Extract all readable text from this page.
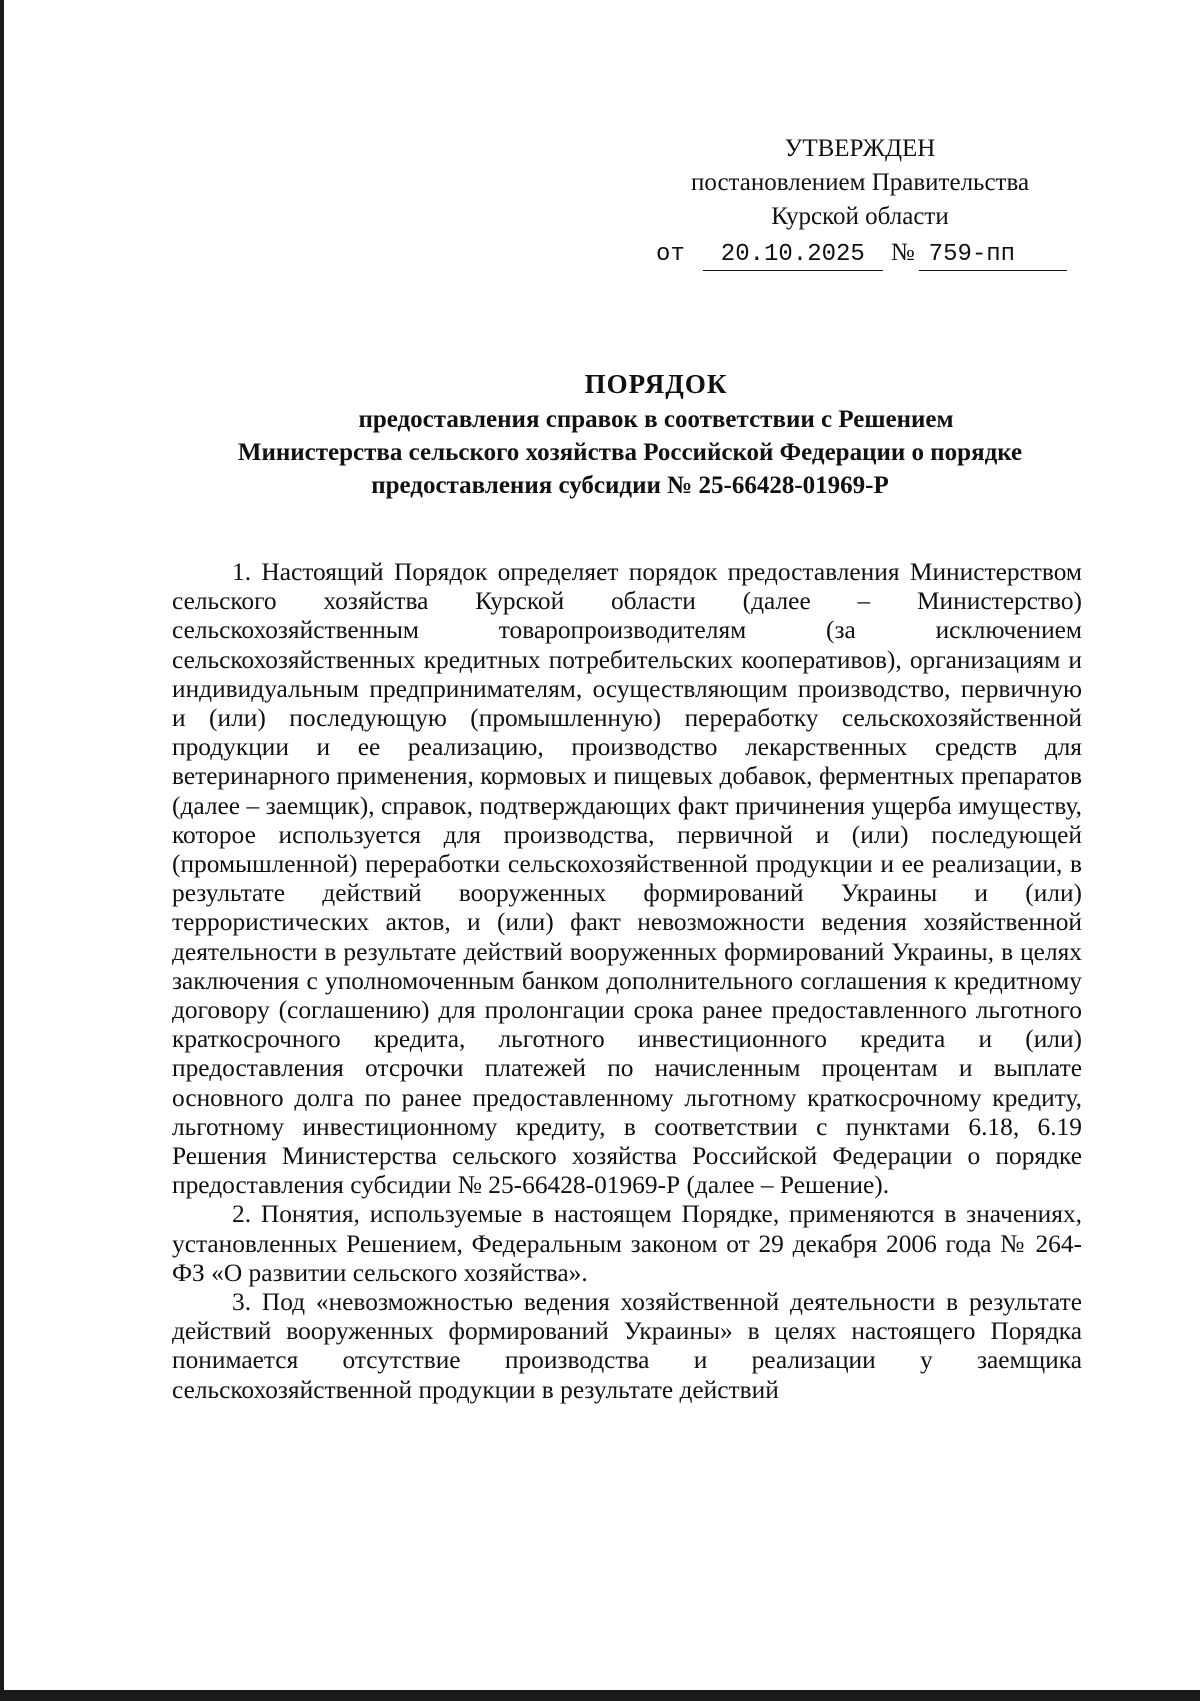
УТВЕРЖДЕН
постановлением Правительства
Курской области
от 20.10.2025 № 759-пп
ПОРЯДОК
предоставления справок в соответствии с Решением
Министерства сельского хозяйства Российской Федерации о порядке
предоставления субсидии № 25-66428-01969-Р

1. Настоящий Порядок определяет порядок предоставления Министерством сельского хозяйства Курской области (далее – Министерство) сельскохозяйственным товаропроизводителям (за исключением сельскохозяйственных кредитных потребительских кооперативов), организациям и индивидуальным предпринимателям, осуществляющим производство, первичную и (или) последующую (промышленную) переработку сельскохозяйственной продукции и ее реализацию, производство лекарственных средств для ветеринарного применения, кормовых и пищевых добавок, ферментных препаратов (далее – заемщик), справок, подтверждающих факт причинения ущерба имуществу, которое используется для производства, первичной и (или) последующей (промышленной) переработки сельскохозяйственной продукции и ее реализации, в результате действий вооруженных формирований Украины и (или) террористических актов, и (или) факт невозможности ведения хозяйственной деятельности в результате действий вооруженных формирований Украины, в целях заключения с уполномоченным банком дополнительного соглашения к кредитному договору (соглашению) для пролонгации срока ранее предоставленного льготного краткосрочного кредита, льготного инвестиционного кредита и (или) предоставления отсрочки платежей по начисленным процентам и выплате основного долга по ранее предоставленному льготному краткосрочному кредиту, льготному инвестиционному кредиту, в соответствии с пунктами 6.18, 6.19 Решения Министерства сельского хозяйства Российской Федерации о порядке предоставления субсидии № 25-66428-01969-Р (далее – Решение).

2. Понятия, используемые в настоящем Порядке, применяются в значениях, установленных Решением, Федеральным законом от 29 декабря 2006 года № 264-ФЗ «О развитии сельского хозяйства».

3. Под «невозможностью ведения хозяйственной деятельности в результате действий вооруженных формирований Украины» в целях настоящего Порядка понимается отсутствие производства и реализации у заемщика сельскохозяйственной продукции в результате действий
